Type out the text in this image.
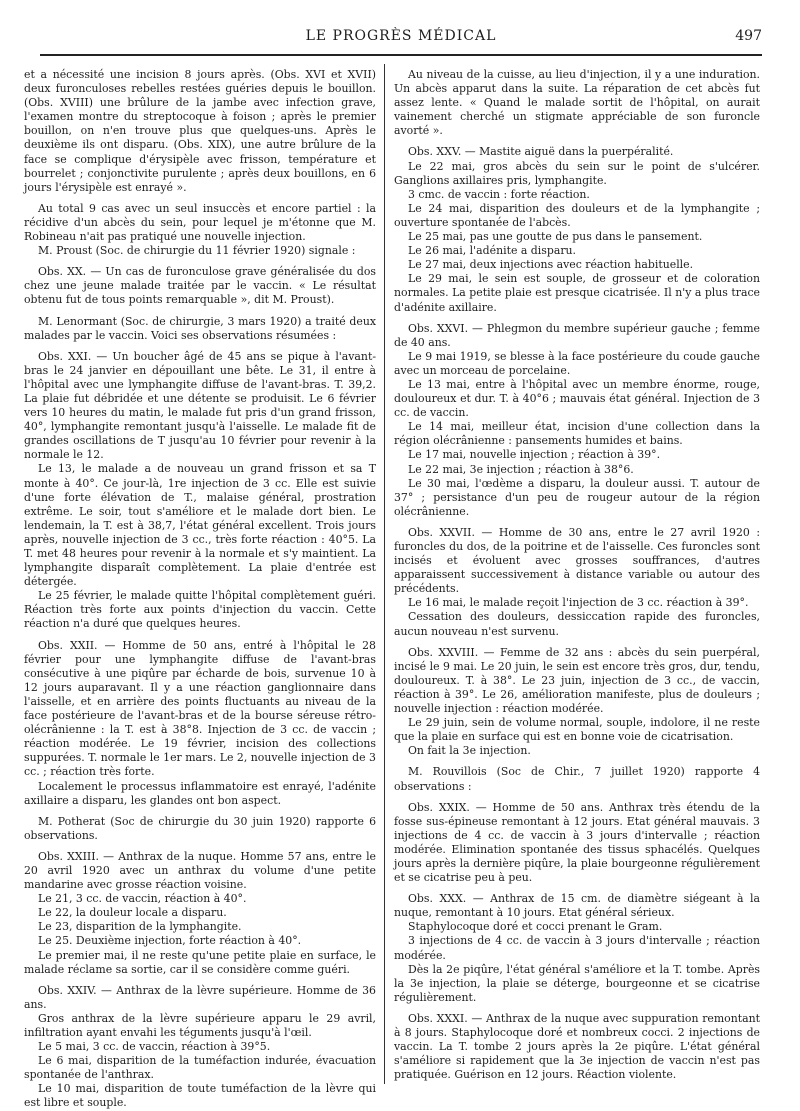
LE PROGRÈS MÉDICAL	497

et a nécessité une incision 8 jours après. (Obs. XVI et XVII) deux furonculoses rebelles restées guéries depuis le bouillon. (Obs. XVIII) une brûlure de la jambe avec infection grave, l'examen montre du streptocoque à foison ; après le premier bouillon, on n'en trouve plus que quelques-uns. Après le deuxième ils ont disparu. (Obs. XIX), une autre brûlure de la face se complique d'érysipèle avec frisson, température et bourrelet ; conjonctivite purulente ; après deux bouillons, en 6 jours l'érysipèle est enrayé ».

Au total 9 cas avec un seul insuccès et encore partiel : la récidive d'un abcès du sein, pour lequel je m'étonne que M. Robineau n'ait pas pratiqué une nouvelle injection.

M. Proust (Soc. de chirurgie du 11 février 1920) signale :

Obs. XX. — Un cas de furonculose grave généralisée du dos chez une jeune malade traitée par le vaccin. « Le résultat obtenu fut de tous points remarquable », dit M. Proust).

M. Lenormant (Soc. de chirurgie, 3 mars 1920) a traité deux malades par le vaccin. Voici ses observations résumées :

Obs. XXI. — Un boucher âgé de 45 ans se pique à l'avant-bras le 24 janvier en dépouillant une bête. Le 31, il entre à l'hôpital avec une lymphangite diffuse de l'avant-bras. T. 39,2. La plaie fut débridée et une détente se produisit. Le 6 février vers 10 heures du matin, le malade fut pris d'un grand frisson, 40°, lymphangite remontant jusqu'à l'aisselle. Le malade fit de grandes oscillations de T jusqu'au 10 février pour revenir à la normale le 12.

Le 13, le malade a de nouveau un grand frisson et sa T monte à 40°. Ce jour-là, 1re injection de 3 cc. Elle est suivie d'une forte élévation de T., malaise général, prostration extrême. Le soir, tout s'améliore et le malade dort bien. Le lendemain, la T. est à 38,7, l'état général excellent. Trois jours après, nouvelle injection de 3 cc., très forte réaction : 40°5. La T. met 48 heures pour revenir à la normale et s'y maintient. La lymphangite disparaît complètement. La plaie d'entrée est détergée.

Le 25 février, le malade quitte l'hôpital complètement guéri. Réaction très forte aux points d'injection du vaccin. Cette réaction n'a duré que quelques heures.

Obs. XXII. — Homme de 50 ans, entré à l'hôpital le 28 février pour une lymphangite diffuse de l'avant-bras consécutive à une piqûre par écharde de bois, survenue 10 à 12 jours auparavant. Il y a une réaction ganglionnaire dans l'aisselle, et en arrière des points fluctuants au niveau de la face postérieure de l'avant-bras et de la bourse séreuse rétro-olécrânienne : la T. est à 38°8. Injection de 3 cc. de vaccin ; réaction modérée. Le 19 février, incision des collections suppurées. T. normale le 1er mars. Le 2, nouvelle injection de 3 cc. ; réaction très forte.

Localement le processus inflammatoire est enrayé, l'adénite axillaire a disparu, les glandes ont bon aspect.

M. Potherat (Soc de chirurgie du 30 juin 1920) rapporte 6 observations.

Obs. XXIII. — Anthrax de la nuque. Homme 57 ans, entre le 20 avril 1920 avec un anthrax du volume d'une petite mandarine avec grosse réaction voisine.

Le 21, 3 cc. de vaccin, réaction à 40°.

Le 22, la douleur locale a disparu.

Le 23, disparition de la lymphangite.

Le 25. Deuxième injection, forte réaction à 40°.

Le premier mai, il ne reste qu'une petite plaie en surface, le malade réclame sa sortie, car il se considère comme guéri.

Obs. XXIV. — Anthrax de la lèvre supérieure. Homme de 36 ans.

Gros anthrax de la lèvre supérieure apparu le 29 avril, infiltration ayant envahi les téguments jusqu'à l'œil.

Le 5 mai, 3 cc. de vaccin, réaction à 39°5.

Le 6 mai, disparition de la tuméfaction indurée, évacuation spontanée de l'anthrax.

Le 10 mai, disparition de toute tuméfaction de la lèvre qui est libre et souple.

Au niveau de la cuisse, au lieu d'injection, il y a une induration. Un abcès apparut dans la suite. La réparation de cet abcès fut assez lente. « Quand le malade sortit de l'hôpital, on aurait vainement cherché un stigmate appréciable de son furoncle avorté ».

Obs. XXV. — Mastite aiguë dans la puerpéralité.

Le 22 mai, gros abcès du sein sur le point de s'ulcérer. Ganglions axillaires pris, lymphangite.

3 cmc. de vaccin : forte réaction.

Le 24 mai, disparition des douleurs et de la lymphangite ; ouverture spontanée de l'abcès.

Le 25 mai, pas une goutte de pus dans le pansement.

Le 26 mai, l'adénite a disparu.

Le 27 mai, deux injections avec réaction habituelle.

Le 29 mai, le sein est souple, de grosseur et de coloration normales. La petite plaie est presque cicatrisée. Il n'y a plus trace d'adénite axillaire.

Obs. XXVI. — Phlegmon du membre supérieur gauche ; femme de 40 ans.

Le 9 mai 1919, se blesse à la face postérieure du coude gauche avec un morceau de porcelaine.

Le 13 mai, entre à l'hôpital avec un membre énorme, rouge, douloureux et dur. T. à 40°6 ; mauvais état général. Injection de 3 cc. de vaccin.

Le 14 mai, meilleur état, incision d'une collection dans la région olécrânienne : pansements humides et bains.

Le 17 mai, nouvelle injection ; réaction à 39°.

Le 22 mai, 3e injection ; réaction à 38°6.

Le 30 mai, l'œdème a disparu, la douleur aussi. T. autour de 37° ; persistance d'un peu de rougeur autour de la région olécrânienne.

Obs. XXVII. — Homme de 30 ans, entre le 27 avril 1920 : furoncles du dos, de la poitrine et de l'aisselle. Ces furoncles sont incisés et évoluent avec grosses souffrances, d'autres apparaissent successivement à distance variable ou autour des précédents.

Le 16 mai, le malade reçoit l'injection de 3 cc. réaction à 39°.

Cessation des douleurs, dessiccation rapide des furoncles, aucun nouveau n'est survenu.

Obs. XXVIII. — Femme de 32 ans : abcès du sein puerpéral, incisé le 9 mai. Le 20 juin, le sein est encore très gros, dur, tendu, douloureux. T. à 38°. Le 23 juin, injection de 3 cc., de vaccin, réaction à 39°. Le 26, amélioration manifeste, plus de douleurs ; nouvelle injection : réaction modérée.

Le 29 juin, sein de volume normal, souple, indolore, il ne reste que la plaie en surface qui est en bonne voie de cicatrisation.

On fait la 3e injection.

M. Rouvillois (Soc de Chir., 7 juillet 1920) rapporte 4 observations :

Obs. XXIX. — Homme de 50 ans. Anthrax très étendu de la fosse sus-épineuse remontant à 12 jours. Etat général mauvais. 3 injections de 4 cc. de vaccin à 3 jours d'intervalle ; réaction modérée. Elimination spontanée des tissus sphacélés. Quelques jours après la dernière piqûre, la plaie bourgeonne régulièrement et se cicatrise peu à peu.

Obs. XXX. — Anthrax de 15 cm. de diamètre siégeant à la nuque, remontant à 10 jours. Etat général sérieux.

Staphylocoque doré et cocci prenant le Gram.

3 injections de 4 cc. de vaccin à 3 jours d'intervalle ; réaction modérée.

Dès la 2e piqûre, l'état général s'améliore et la T. tombe. Après la 3e injection, la plaie se déterge, bourgeonne et se cicatrise régulièrement.

Obs. XXXI. — Anthrax de la nuque avec suppuration remontant à 8 jours. Staphylocoque doré et nombreux cocci. 2 injections de vaccin. La T. tombe 2 jours après la 2e piqûre. L'état général s'améliore si rapidement que la 3e injection de vaccin n'est pas pratiquée. Guérison en 12 jours. Réaction violente.
